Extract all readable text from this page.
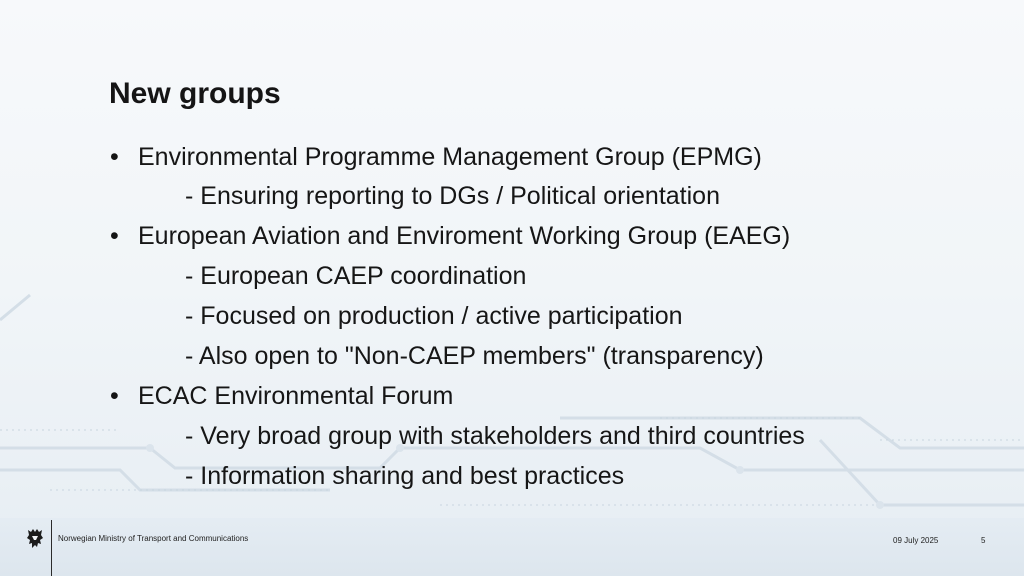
New groups
• Environmental Programme Management Group (EPMG)
- Ensuring reporting to DGs / Political orientation
• European Aviation and Enviroment Working Group (EAEG)
- European CAEP coordination
- Focused on production / active participation
- Also open to "Non-CAEP members" (transparency)
• ECAC Environmental Forum
- Very broad group with stakeholders and third countries
- Information sharing and best practices
Norwegian Ministry of Transport and Communications	09 July 2025	5
